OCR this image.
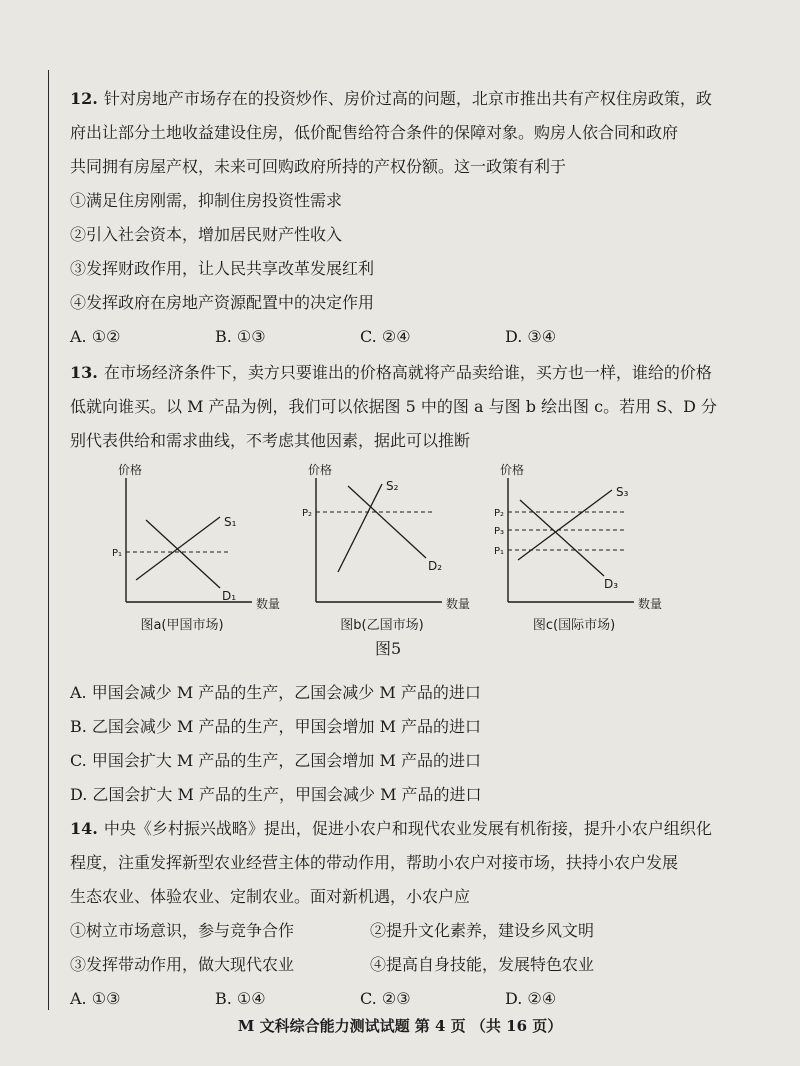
12. 针对房地产市场存在的投资炒作、房价过高的问题，北京市推出共有产权住房政策，政
府出让部分土地收益建设住房，低价配售给符合条件的保障对象。购房人依合同和政府
共同拥有房屋产权，未来可回购政府所持的产权份额。这一政策有利于
①满足住房刚需，抑制住房投资性需求
②引入社会资本，增加居民财产性收入
③发挥财政作用，让人民共享改革发展红利
④发挥政府在房地产资源配置中的决定作用
A. ①②	B. ①③	C. ②④	D. ③④
13. 在市场经济条件下，卖方只要谁出的价格高就将产品卖给谁，买方也一样，谁给的价格
低就向谁买。以 M 产品为例，我们可以依据图 5 中的图 a 与图 b 绘出图 c。若用 S、D 分
别代表供给和需求曲线，不考虑其他因素，据此可以推断
价格
数量
P₁
S₁
D₁
图a(甲国市场)
价格
数量
P₂
S₂
D₂
图b(乙国市场)
价格
数量
P₂
P₃
P₁
S₃
D₃
图c(国际市场)
图5
A. 甲国会减少 M 产品的生产，乙国会减少 M 产品的进口
B. 乙国会减少 M 产品的生产，甲国会增加 M 产品的进口
C. 甲国会扩大 M 产品的生产，乙国会增加 M 产品的进口
D. 乙国会扩大 M 产品的生产，甲国会减少 M 产品的进口
14. 中央《乡村振兴战略》提出，促进小农户和现代农业发展有机衔接，提升小农户组织化
程度，注重发挥新型农业经营主体的带动作用，帮助小农户对接市场，扶持小农户发展
生态农业、体验农业、定制农业。面对新机遇，小农户应
①树立市场意识，参与竞争合作	②提升文化素养，建设乡风文明
③发挥带动作用，做大现代农业	④提高自身技能，发展特色农业
A. ①③	B. ①④	C. ②③	D. ②④
M 文科综合能力测试试题 第 4 页 （共 16 页）
